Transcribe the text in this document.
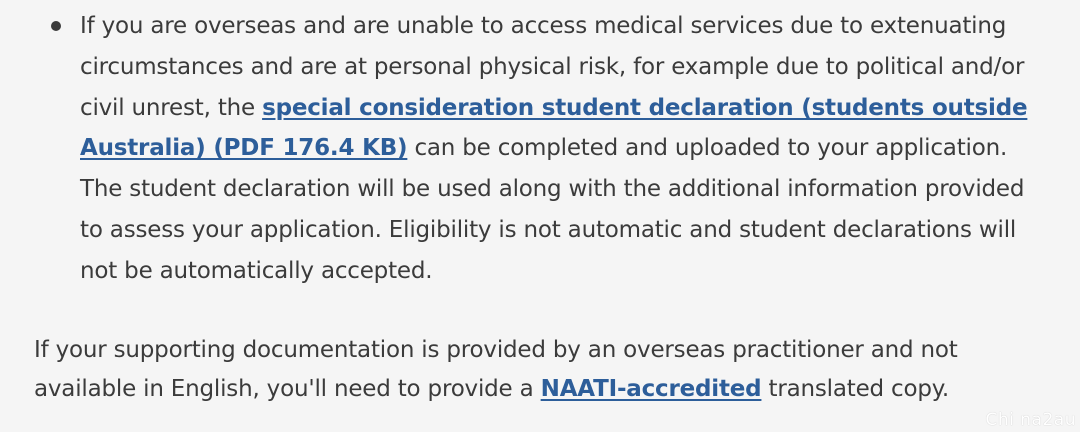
If you are overseas and are unable to access medical services due to extenuating circumstances and are at personal physical risk, for example due to political and/or civil unrest, the special consideration student declaration (students outside Australia) (PDF 176.4 KB) can be completed and uploaded to your application. The student declaration will be used along with the additional information provided to assess your application. Eligibility is not automatic and student declarations will not be automatically accepted.

If your supporting documentation is provided by an overseas practitioner and not available in English, you'll need to provide a NAATI-accredited translated copy.

Chi na2au
